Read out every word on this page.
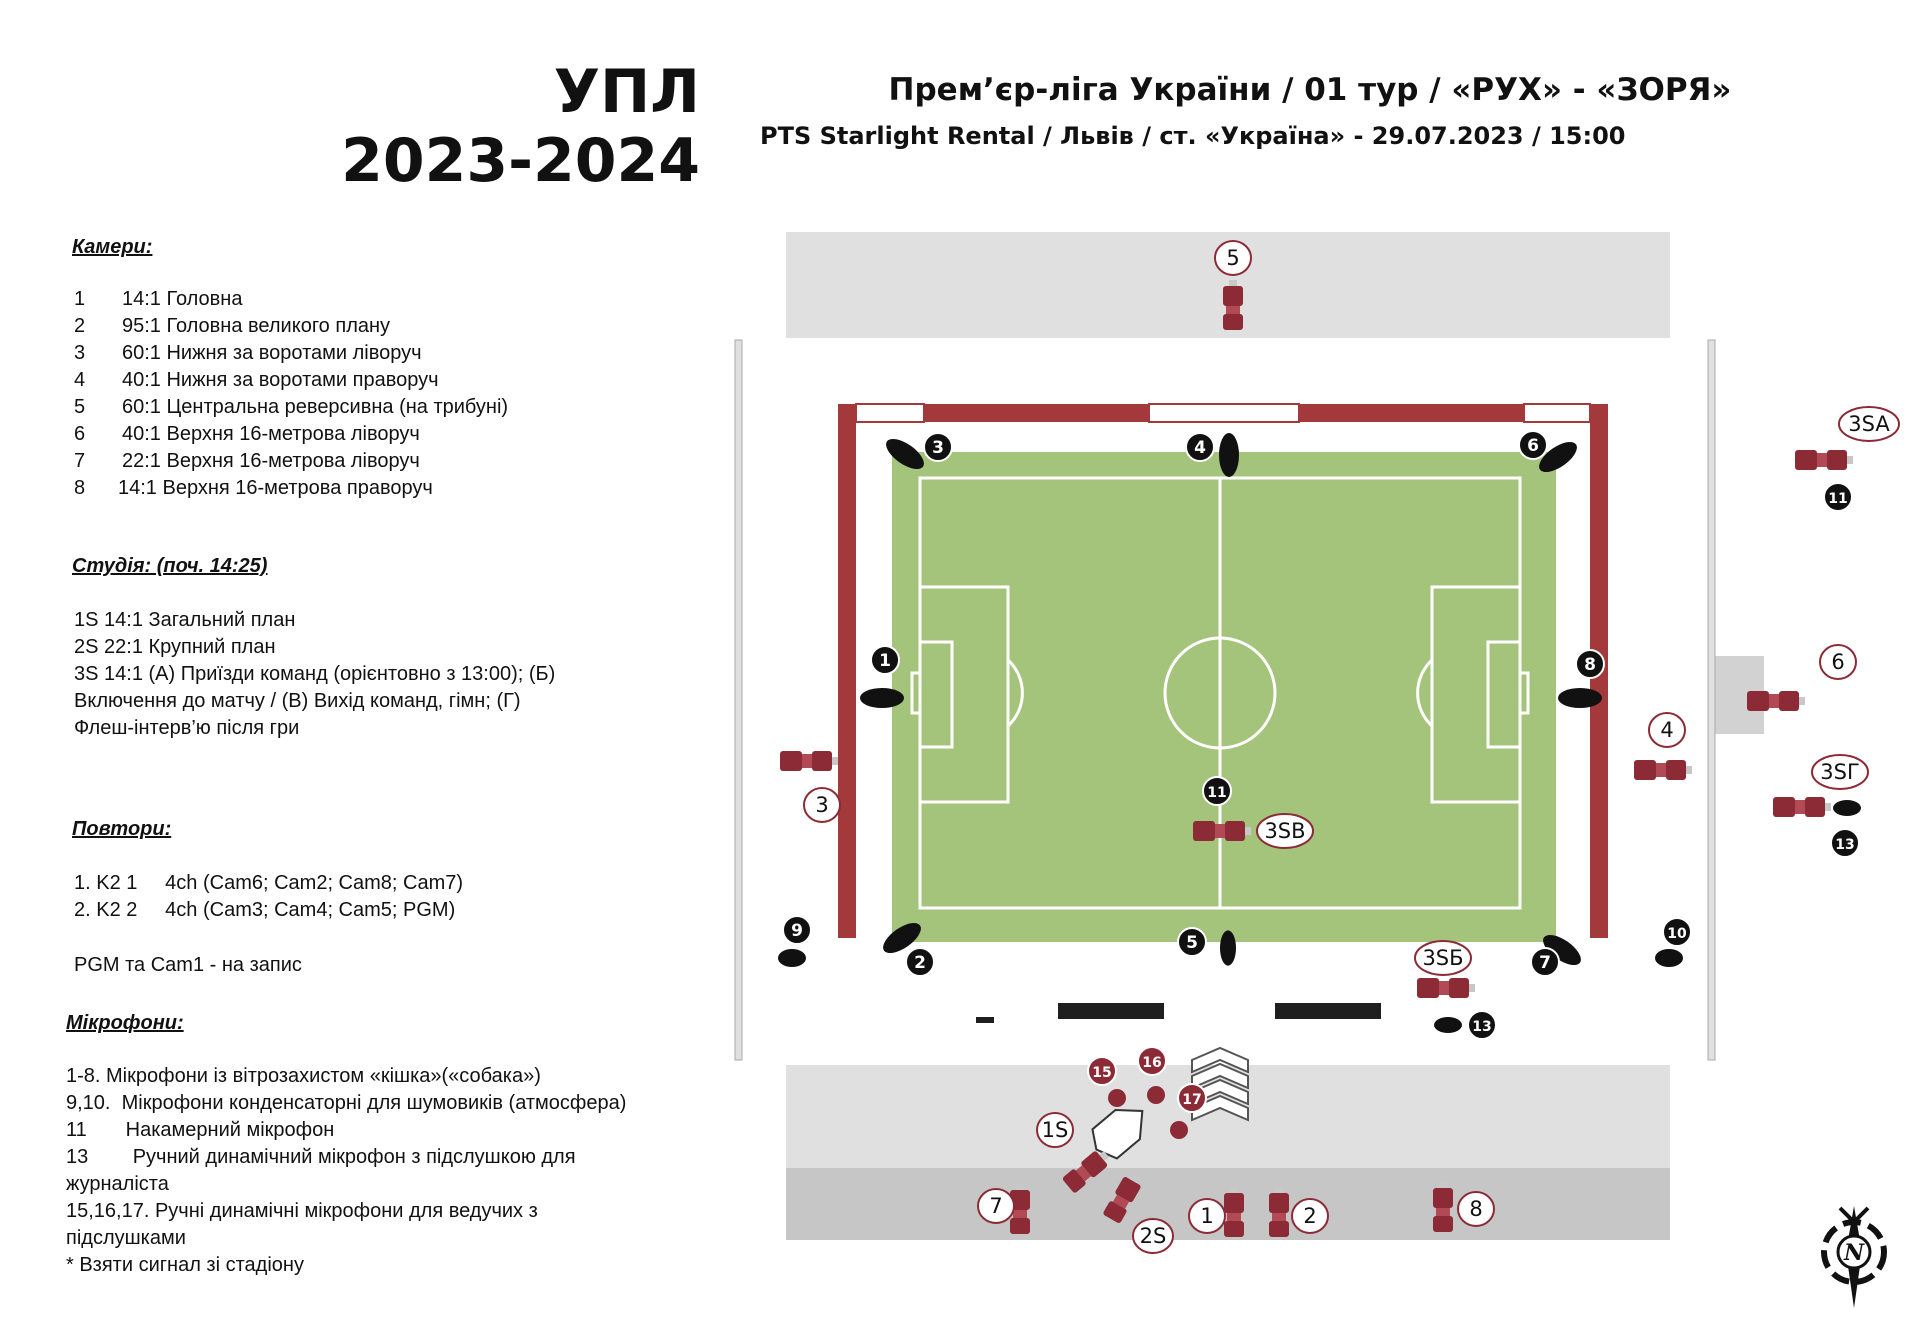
УПЛ
2023-2024
Прем’єр-ліга України / 01 тур / «РУХ» - «ЗОРЯ»
PTS Starlight Rental / Львів / ст. «Україна» - 29.07.2023 / 15:00
Камери:
1 14:1 Головна
2 95:1 Головна великого плану
3 60:1 Нижня за воротами ліворуч
4 40:1 Нижня за воротами праворуч
5 60:1 Центральна реверсивна (на трибуні)
6 40:1 Верхня 16-метрова ліворуч
7 22:1 Верхня 16-метрова ліворуч
8 14:1 Верхня 16-метрова праворуч
Студія: (поч. 14:25)
1S 14:1 Загальний план
2S 22:1 Крупний план
3S 14:1 (А) Приїзди команд (орієнтовно з 13:00); (Б)
Включення до матчу / (В) Вихід команд, гімн; (Г)
Флеш-інтерв’ю після гри
Повтори:
1. K2 1     4ch (Cam6; Cam2; Cam8; Cam7)
2. K2 2     4ch (Cam3; Cam4; Cam5; PGM)
PGM та Cam1 - на запис
Мікрофони:
1-8. Мікрофони із вітрозахистом «кішка»(«собака»)
9,10.  Мікрофони конденсаторні для шумовиків (атмосфера)
11       Накамерний мікрофон
13        Ручний динамічний мікрофон з підслушкою для
журналіста
15,16,17. Ручні динамічні мікрофони для ведучих з
підслушками
* Взяти сигнал зі стадіону
5
3
4
6
7	1	2	8
1S
2S
3SA
3SB
3SБ
3SГ
1
2
3	4
5
6
7
8
9	10
11
11
13
13
15
16
17
N
